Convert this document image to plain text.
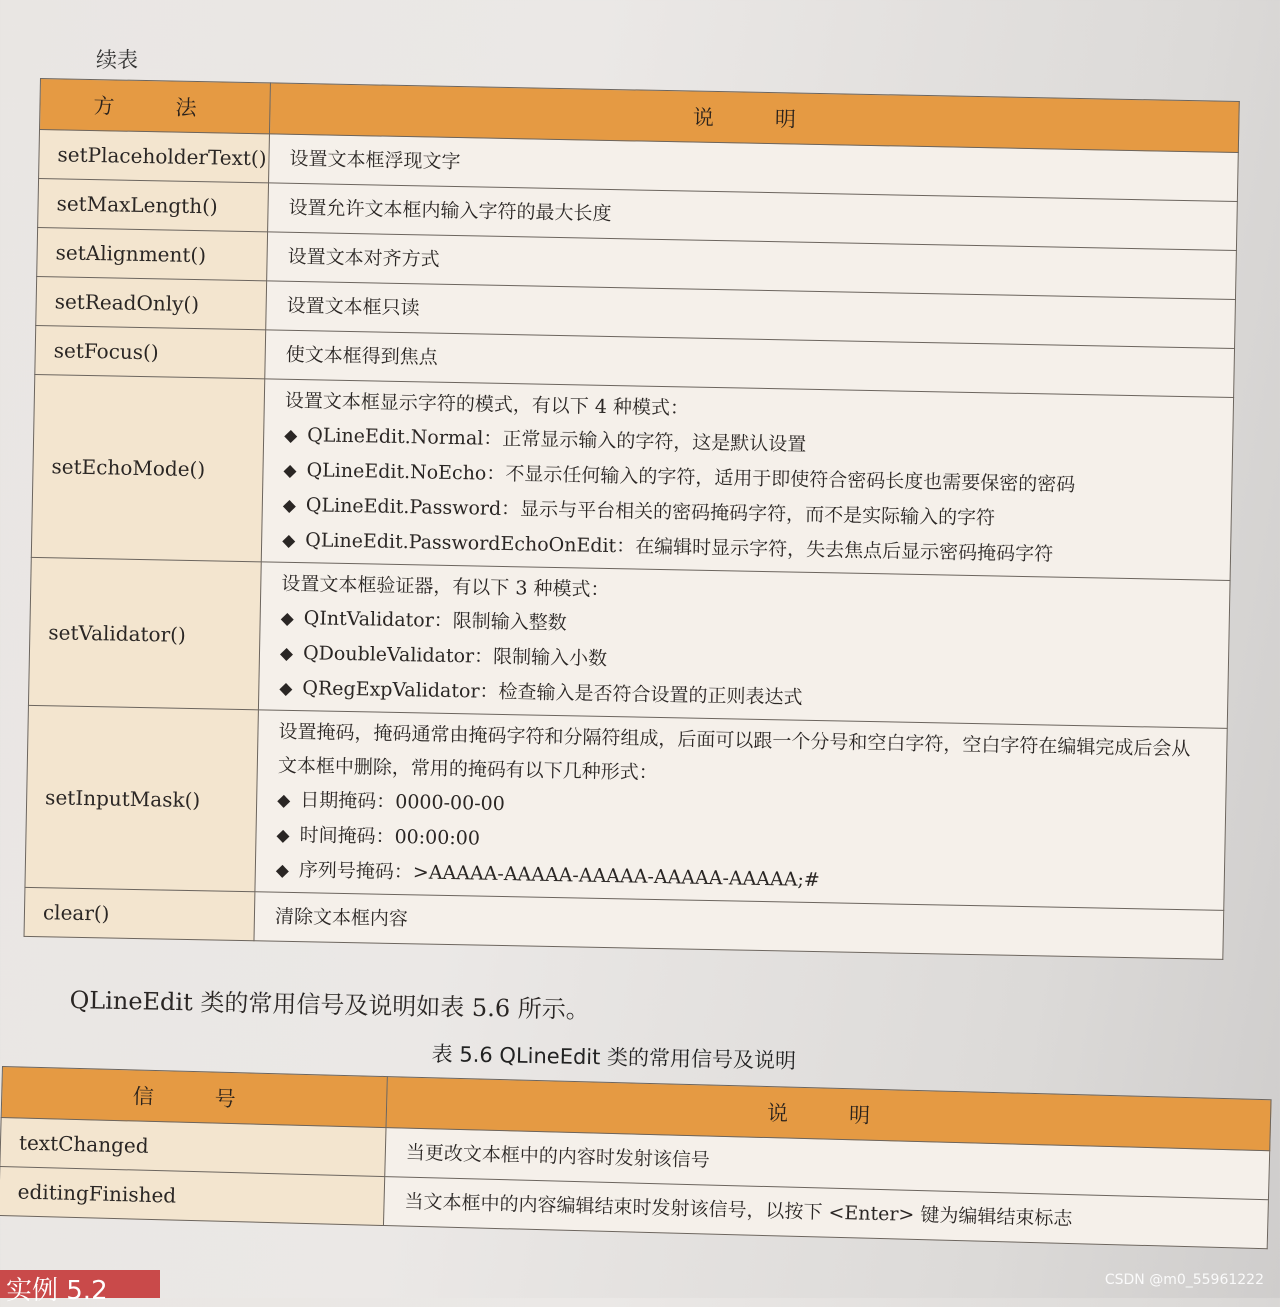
续表
方　法	说　明
setPlaceholderText()	设置文本框浮现文字
setMaxLength()	设置允许文本框内输入字符的最大长度
setAlignment()	设置文本对齐方式
setReadOnly()	设置文本框只读
setFocus()	使文本框得到焦点
setEchoMode()	设置文本框显示字符的模式，有以下 4 种模式：
◆ QLineEdit.Normal：正常显示输入的字符，这是默认设置
◆ QLineEdit.NoEcho：不显示任何输入的字符，适用于即使符合密码长度也需要保密的密码
◆ QLineEdit.Password：显示与平台相关的密码掩码字符，而不是实际输入的字符
◆ QLineEdit.PasswordEchoOnEdit：在编辑时显示字符，失去焦点后显示密码掩码字符

setValidator()	设置文本框验证器，有以下 3 种模式：
◆ QIntValidator：限制输入整数
◆ QDoubleValidator：限制输入小数
◆ QRegExpValidator：检查输入是否符合设置的正则表达式

setInputMask()	设置掩码，掩码通常由掩码字符和分隔符组成，后面可以跟一个分号和空白字符，空白字符在编辑完成后会从文本框中删除，常用的掩码有以下几种形式：
◆ 日期掩码：0000-00-00
◆ 时间掩码：00:00:00
◆ 序列号掩码：>AAAAA-AAAAA-AAAAA-AAAAA-AAAAA;#

clear()	清除文本框内容
QLineEdit 类的常用信号及说明如表 5.6 所示。
表 5.6 QLineEdit 类的常用信号及说明
信　号	说　明
textChanged	当更改文本框中的内容时发射该信号
editingFinished	当文本框中的内容编辑结束时发射该信号，以按下 <Enter> 键为编辑结束标志
实例 5.2	CSDN @m0_55961222
